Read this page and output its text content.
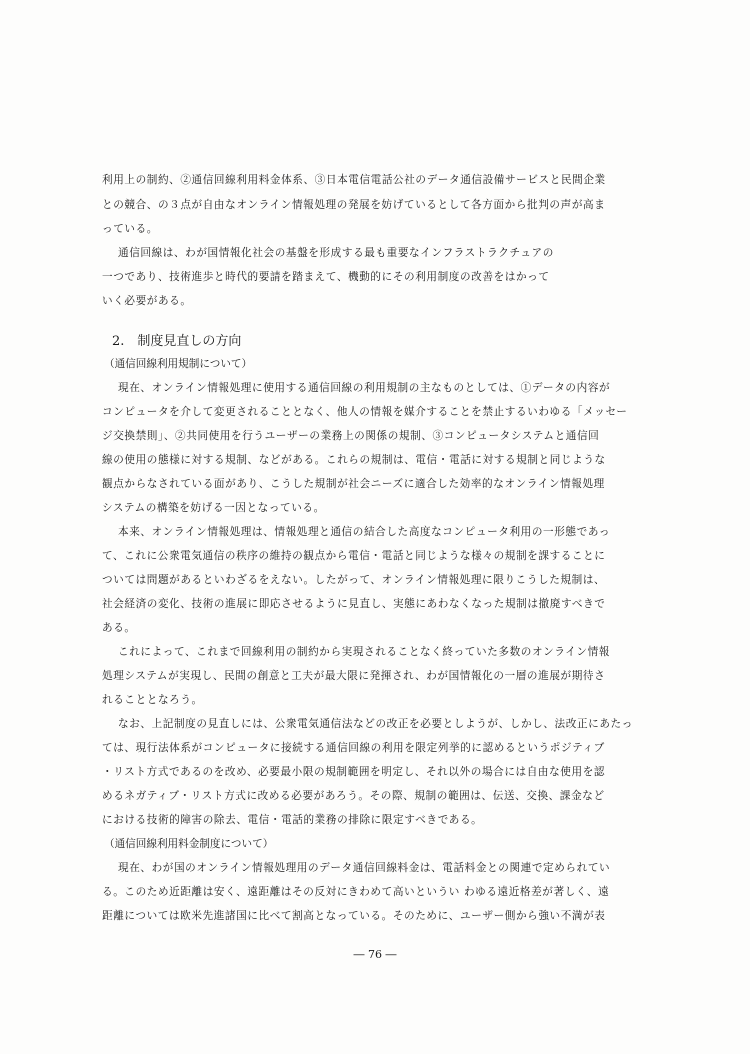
利用上の制約、②通信回線利用料金体系、③日本電信電話公社のデータ通信設備サービスと民間企業
との競合、の３点が自由なオンライン情報処理の発展を妨げているとして各方面から批判の声が高ま
っている。
通信回線は、わが国情報化社会の基盤を形成する最も重要なインフラストラクチュアの
一つであり、技術進歩と時代的要請を踏まえて、機動的にその利用制度の改善をはかって
いく必要がある。
2.　制度見直しの方向
（通信回線利用規制について）
現在、オンライン情報処理に使用する通信回線の利用規制の主なものとしては、①データの内容が
コンピュータを介して変更されることとなく、他人の情報を媒介することを禁止するいわゆる「メッセー
ジ交換禁則」、②共同使用を行うユーザーの業務上の関係の規制、③コンピュータシステムと通信回
線の使用の態様に対する規制、などがある。これらの規制は、電信・電話に対する規制と同じような
観点からなされている面があり、こうした規制が社会ニーズに適合した効率的なオンライン情報処理
システムの構築を妨げる一因となっている。
本来、オンライン情報処理は、情報処理と通信の結合した高度なコンピュータ利用の一形態であっ
て、これに公衆電気通信の秩序の維持の観点から電信・電話と同じような様々の規制を課することに
ついては問題があるといわざるをえない。したがって、オンライン情報処理に限りこうした規制は、
社会経済の変化、技術の進展に即応させるように見直し、実態にあわなくなった規制は撤廃すべきで
ある。
これによって、これまで回線利用の制約から実現されることなく終っていた多数のオンライン情報
処理システムが実現し、民間の創意と工夫が最大限に発揮され、わが国情報化の一層の進展が期待さ
れることとなろう。
なお、上記制度の見直しには、公衆電気通信法などの改正を必要としようが、しかし、法改正にあたっ
ては、現行法体系がコンピュータに接続する通信回線の利用を限定列挙的に認めるというポジティブ
・リスト方式であるのを改め、必要最小限の規制範囲を明定し、それ以外の場合には自由な使用を認
めるネガティブ・リスト方式に改める必要があろう。その際、規制の範囲は、伝送、交換、課金など
における技術的障害の除去、電信・電話的業務の排除に限定すべきである。
（通信回線利用料金制度について）
現在、わが国のオンライン情報処理用のデータ通信回線料金は、電話料金との関連で定められてい
る。このため近距離は安く、遠距離はその反対にきわめて高いというい わゆる遠近格差が著しく、遠
距離については欧米先進諸国に比べて割高となっている。そのために、ユーザー側から強い不満が表
― 76 ―
